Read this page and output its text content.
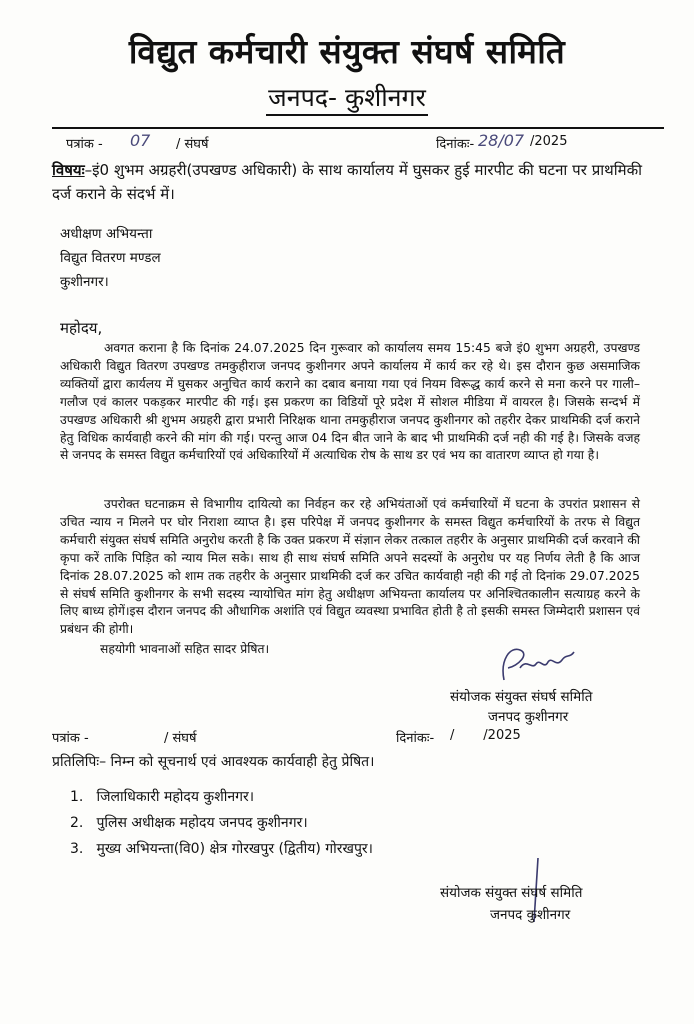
विद्युत कर्मचारी संयुक्त संघर्ष समिति
जनपद- कुशीनगर
पत्रांक - 07 / संघर्ष	दिनांकः- 28/07 /2025
विषयः–इं0 शुभम अग्रहरी(उपखण्ड अधिकारी) के साथ कार्यालय में घुसकर हुई मारपीट की घटना पर प्राथमिकी दर्ज कराने के संदर्भ में।
अधीक्षण अभियन्ता
विद्युत वितरण मण्डल
कुशीनगर।
महोदय,
अवगत कराना है कि दिनांक 24.07.2025 दिन गुरूवार को कार्यालय समय 15:45 बजे इं0 शुभग अग्रहरी, उपखण्ड अधिकारी विद्युत वितरण उपखण्ड तमकुहीराज जनपद कुशीनगर अपने कार्यालय में कार्य कर रहे थे। इस दौरान कुछ असमाजिक व्यक्तियों द्वारा कार्यलय में घुसकर अनुचित कार्य कराने का दबाव बनाया गया एवं नियम विरूद्ध कार्य करने से मना करने पर गाली–गलौज एवं कालर पकड़कर मारपीट की गई। इस प्रकरण का विडियों पूरे प्रदेश में सोशल मीडिया में वायरल है। जिसके सन्दर्भ में उपखण्ड अधिकारी श्री शुभम अग्रहरी द्वारा प्रभारी निरिक्षक थाना तमकुहीराज जनपद कुशीनगर को तहरीर देकर प्राथमिकी दर्ज कराने हेतु विधिक कार्यवाही करने की मांग की गई। परन्तु आज 04 दिन बीत जाने के बाद भी प्राथमिकी दर्ज नही की गई है। जिसके वजह से जनपद के समस्त विद्युत कर्मचारियों एवं अधिकारियों में अत्याधिक रोष के साथ डर एवं भय का वातारण व्याप्त हो गया है।
उपरोक्त घटनाक्रम से विभागीय दायित्यो का निर्वहन कर रहे अभियंताओं एवं कर्मचारियों में घटना के उपरांत प्रशासन से उचित न्याय न मिलने पर घोर निराशा व्याप्त है। इस परिपेक्ष में जनपद कुशीनगर के समस्त विद्युत कर्मचारियों के तरफ से विद्युत कर्मचारी संयुक्त संघर्ष समिति अनुरोध करती है कि उक्त प्रकरण में संज्ञान लेकर तत्काल तहरीर के अनुसार प्राथमिकी दर्ज करवाने की कृपा करें ताकि पिड़ित को न्याय मिल सके। साथ ही साथ संघर्ष समिति अपने सदस्यों के अनुरोध पर यह निर्णय लेती है कि आज दिनांक 28.07.2025 को शाम तक तहरीर के अनुसार प्राथमिकी दर्ज कर उचित कार्यवाही नही की गई तो दिनांक 29.07.2025 से संघर्ष समिति कुशीनगर के सभी सदस्य न्यायोचित मांग हेतु अधीक्षण अभियन्ता कार्यालय पर अनिश्चितकालीन सत्याग्रह करने के लिए बाध्य होगें।इस दौरान जनपद की औधागिक अशांति एवं विद्युत व्यवस्था प्रभावित होती है तो इसकी समस्त जिम्मेदारी प्रशासन एवं प्रबंधन की होगी।
सहयोगी भावनाओं सहित सादर प्रेषित।
संयोजक संयुक्त संघर्ष समिति
जनपद कुशीनगर
पत्रांक -	/ संघर्ष	दिनांकः- /       /2025
प्रतिलिपिः– निम्न को सूचनार्थ एवं आवश्यक कार्यवाही हेतु प्रेषित।
1. जिलाधिकारी महोदय कुशीनगर।
2. पुलिस अधीक्षक महोदय जनपद कुशीनगर।
3. मुख्य अभियन्ता(वि0) क्षेत्र गोरखपुर (द्वितीय) गोरखपुर।
संयोजक संयुक्त संघर्ष समिति
जनपद कुशीनगर
